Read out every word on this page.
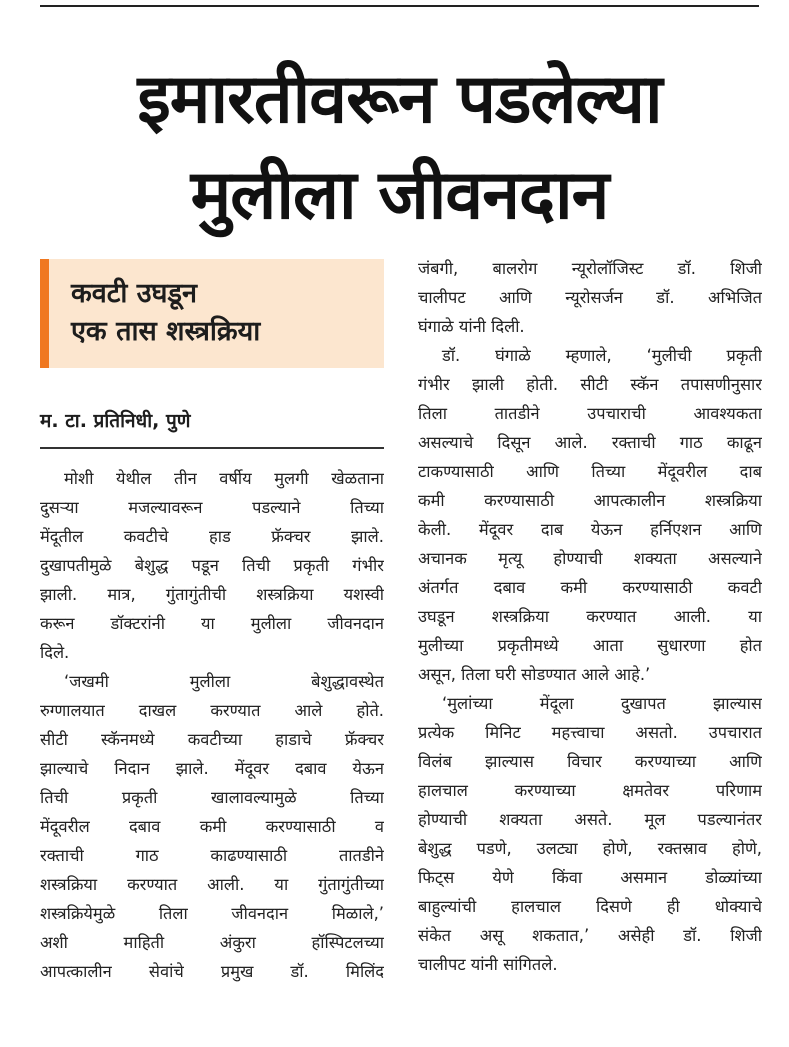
इमारतीवरून पडलेल्या
मुलीला जीवनदान
कवटी उघडून
एक तास शस्त्रक्रिया

म. टा. प्रतिनिधी, पुणे

मोशी येथील तीन वर्षीय मुलगी खेळताना
दुसऱ्या मजल्यावरून पडल्याने तिच्या
मेंदूतील कवटीचे हाड फ्रॅक्चर झाले.
दुखापतीमुळे बेशुद्ध पडून तिची प्रकृती गंभीर
झाली. मात्र, गुंतागुंतीची शस्त्रक्रिया यशस्वी
करून डॉक्टरांनी या मुलीला जीवनदान
दिले.
‘जखमी मुलीला बेशुद्धावस्थेत
रुग्णालयात दाखल करण्यात आले होते.
सीटी स्कॅनमध्ये कवटीच्या हाडाचे फ्रॅक्चर
झाल्याचे निदान झाले. मेंदूवर दबाव येऊन
तिची प्रकृती खालावल्यामुळे तिच्या
मेंदूवरील दबाव कमी करण्यासाठी व
रक्ताची गाठ काढण्यासाठी तातडीने
शस्त्रक्रिया करण्यात आली. या गुंतागुंतीच्या
शस्त्रक्रियेमुळे तिला जीवनदान मिळाले,’
अशी माहिती अंकुरा हॉस्पिटलच्या
आपत्कालीन सेवांचे प्रमुख डॉ. मिलिंद
जंबगी, बालरोग न्यूरोलॉजिस्ट डॉ. शिजी
चालीपट आणि न्यूरोसर्जन डॉ. अभिजित
घंगाळे यांनी दिली.
डॉ. घंगाळे म्हणाले, ‘मुलीची प्रकृती
गंभीर झाली होती. सीटी स्कॅन तपासणीनुसार
तिला तातडीने उपचाराची आवश्यकता
असल्याचे दिसून आले. रक्ताची गाठ काढून
टाकण्यासाठी आणि तिच्या मेंदूवरील दाब
कमी करण्यासाठी आपत्कालीन शस्त्रक्रिया
केली. मेंदूवर दाब येऊन हर्निएशन आणि
अचानक मृत्यू होण्याची शक्यता असल्याने
अंतर्गत दबाव कमी करण्यासाठी कवटी
उघडून शस्त्रक्रिया करण्यात आली. या
मुलीच्या प्रकृतीमध्ये आता सुधारणा होत
असून, तिला घरी सोडण्यात आले आहे.’
‘मुलांच्या मेंदूला दुखापत झाल्यास
प्रत्येक मिनिट महत्त्वाचा असतो. उपचारात
विलंब झाल्यास विचार करण्याच्या आणि
हालचाल करण्याच्या क्षमतेवर परिणाम
होण्याची शक्यता असते. मूल पडल्यानंतर
बेशुद्ध पडणे, उलट्या होणे, रक्तस्राव होणे,
फिट्स येणे किंवा असमान डोळ्यांच्या
बाहुल्यांची हालचाल दिसणे ही धोक्याचे
संकेत असू शकतात,’ असेही डॉ. शिजी
चालीपट यांनी सांगितले.
